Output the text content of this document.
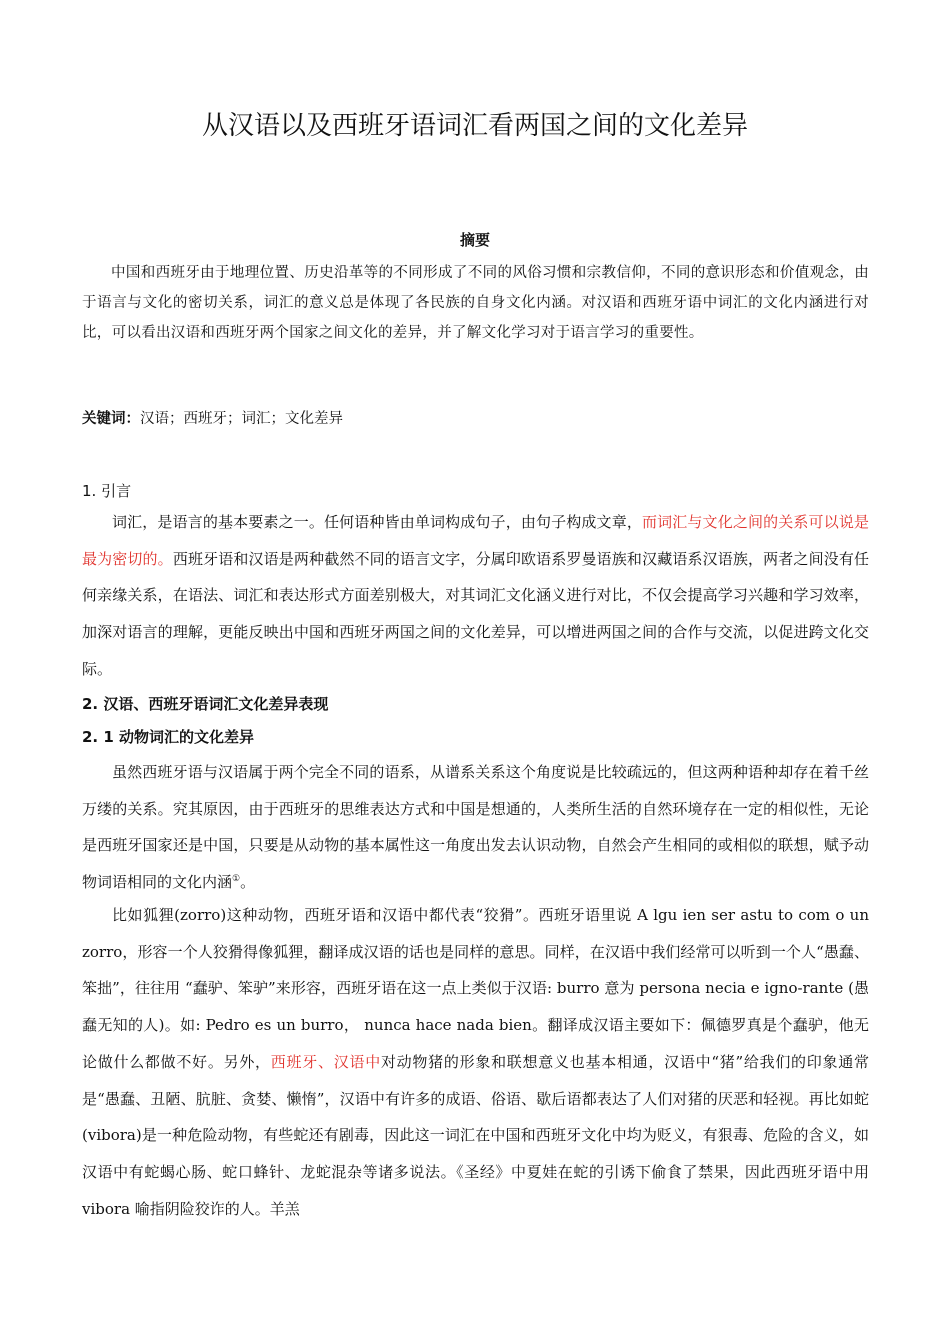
从汉语以及西班牙语词汇看两国之间的文化差异
摘要
中国和西班牙由于地理位置、历史沿革等的不同形成了不同的风俗习惯和宗教信仰，不同的意识形态和价值观念，由于语言与文化的密切关系，词汇的意义总是体现了各民族的自身文化内涵。对汉语和西班牙语中词汇的文化内涵进行对比，可以看出汉语和西班牙两个国家之间文化的差异，并了解文化学习对于语言学习的重要性。
关键词：汉语；西班牙；词汇；文化差异
1. 引言
词汇，是语言的基本要素之一。任何语种皆由单词构成句子，由句子构成文章，而词汇与文化之间的关系可以说是最为密切的。西班牙语和汉语是两种截然不同的语言文字，分属印欧语系罗曼语族和汉藏语系汉语族，两者之间没有任何亲缘关系，在语法、词汇和表达形式方面差别极大，对其词汇文化涵义进行对比，不仅会提高学习兴趣和学习效率，加深对语言的理解，更能反映出中国和西班牙两国之间的文化差异，可以增进两国之间的合作与交流，以促进跨文化交际。
2. 汉语、西班牙语词汇文化差异表现
2. 1 动物词汇的文化差异
虽然西班牙语与汉语属于两个完全不同的语系，从谱系关系这个角度说是比较疏远的，但这两种语种却存在着千丝万缕的关系。究其原因，由于西班牙的思维表达方式和中国是想通的，人类所生活的自然环境存在一定的相似性，无论是西班牙国家还是中国，只要是从动物的基本属性这一角度出发去认识动物，自然会产生相同的或相似的联想，赋予动物词语相同的文化内涵①。
比如狐狸(zorro)这种动物，西班牙语和汉语中都代表“狡猾”。西班牙语里说 A lgu ien ser astu to com o un zorro，形容一个人狡猾得像狐狸，翻译成汉语的话也是同样的意思。同样，在汉语中我们经常可以听到一个人“愚蠢、笨拙”，往往用 “蠢驴、笨驴”来形容，西班牙语在这一点上类似于汉语: burro 意为 persona necia e igno-rante (愚蠢无知的人)。如: Pedro es un burro， nunca hace nada bien。翻译成汉语主要如下：佩德罗真是个蠢驴，他无论做什么都做不好。另外，西班牙、汉语中对动物猪的形象和联想意义也基本相通，汉语中“猪”给我们的印象通常是“愚蠢、丑陋、肮脏、贪婪、懒惰”，汉语中有许多的成语、俗语、歇后语都表达了人们对猪的厌恶和轻视。再比如蛇(vibora)是一种危险动物，有些蛇还有剧毒，因此这一词汇在中国和西班牙文化中均为贬义，有狠毒、危险的含义，如汉语中有蛇蝎心肠、蛇口蜂针、龙蛇混杂等诸多说法。《圣经》中夏娃在蛇的引诱下偷食了禁果，因此西班牙语中用 vibora 喻指阴险狡诈的人。羊羔
